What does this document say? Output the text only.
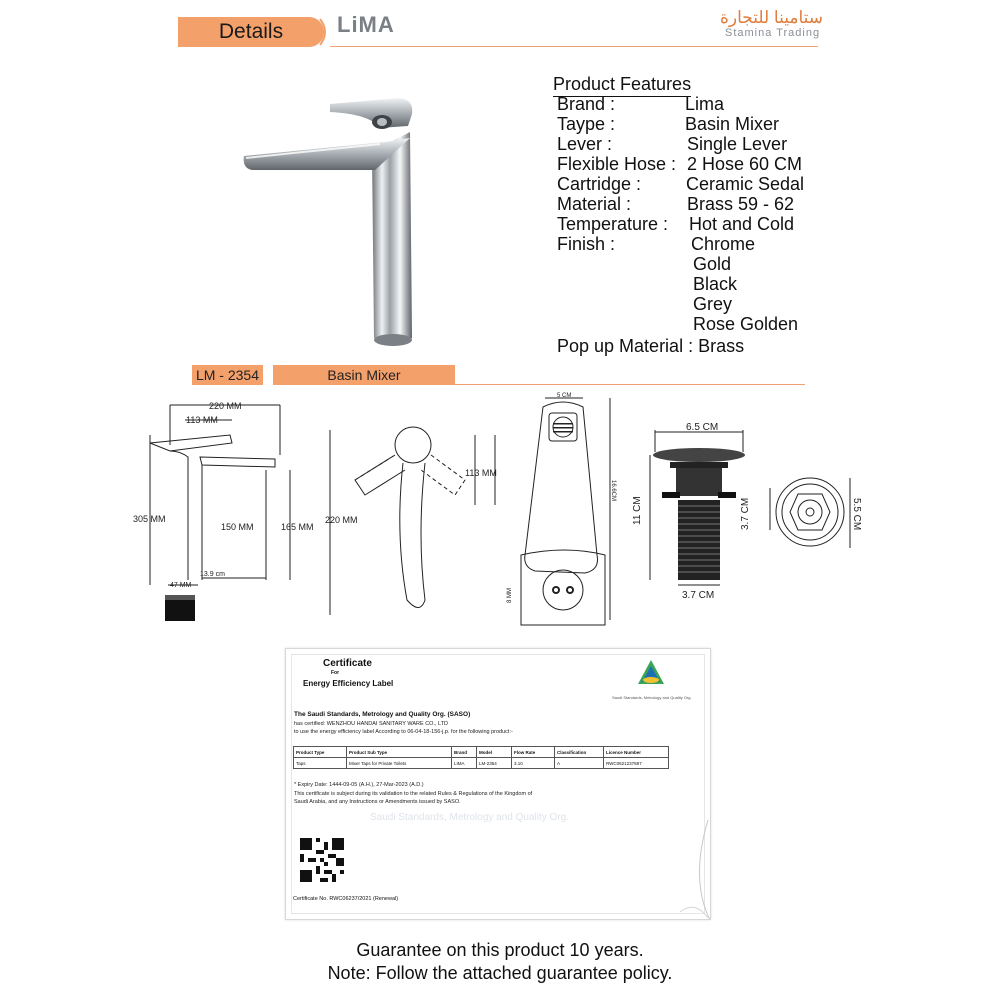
Details LiMA	ستامينا للتجارة
Stamina Trading
Product Features
Brand :	Lima
Taype :	Basin Mixer
Lever :	Single Lever
Flexible Hose : 2 Hose 60 CM
Cartridge : Ceramic Sedal
Material :	Brass 59 - 62
Temperature : Hot and Cold
Finish :	Chrome
Gold
Black
Grey
Rose Golden
Pop up Material : Brass
LM - 2354	Basin Mixer
220 MM
113 MM
305 MM
150 MM	165 MM
13.9 cm
47 MM
113 MM
220 MM
5 CM
16.6CM
8 MM
6.5 CM
11 CM
3.7 CM
3.7 CM	5.5 CM
Saudi Standards, Metrology and Quality Org.
Certificate
For
Energy Efficiency Label
Saudi Standards, Metrology and Quality Org.
The Saudi Standards, Metrology and Quality Org. (SASO)
has certified: WENZHOU HANDAI SANITARY WARE CO., LTD
to use the energy efficiency label According to 06-04-18-156-j.p. for the following product:-
Product Type	Product Sub Type	Brand	Model	Flow Rate	Classification	Licence Number
Taps	Mixer Taps for Private Toilets	LIMA	LM-2354	3.10	A	RWC0621237887
* Expiry Date: 1444-09-05 (A.H.), 27-Mar-2023 (A.D.)
This certificate is subject during its validation to the related Rules & Regulations of the Kingdom of
Saudi Arabia, and any Instructions or Amendments issued by SASO.
Certificate No. RWC06237/2021 (Renewal)
Guarantee on this product 10 years.
Note: Follow the attached guarantee policy.
